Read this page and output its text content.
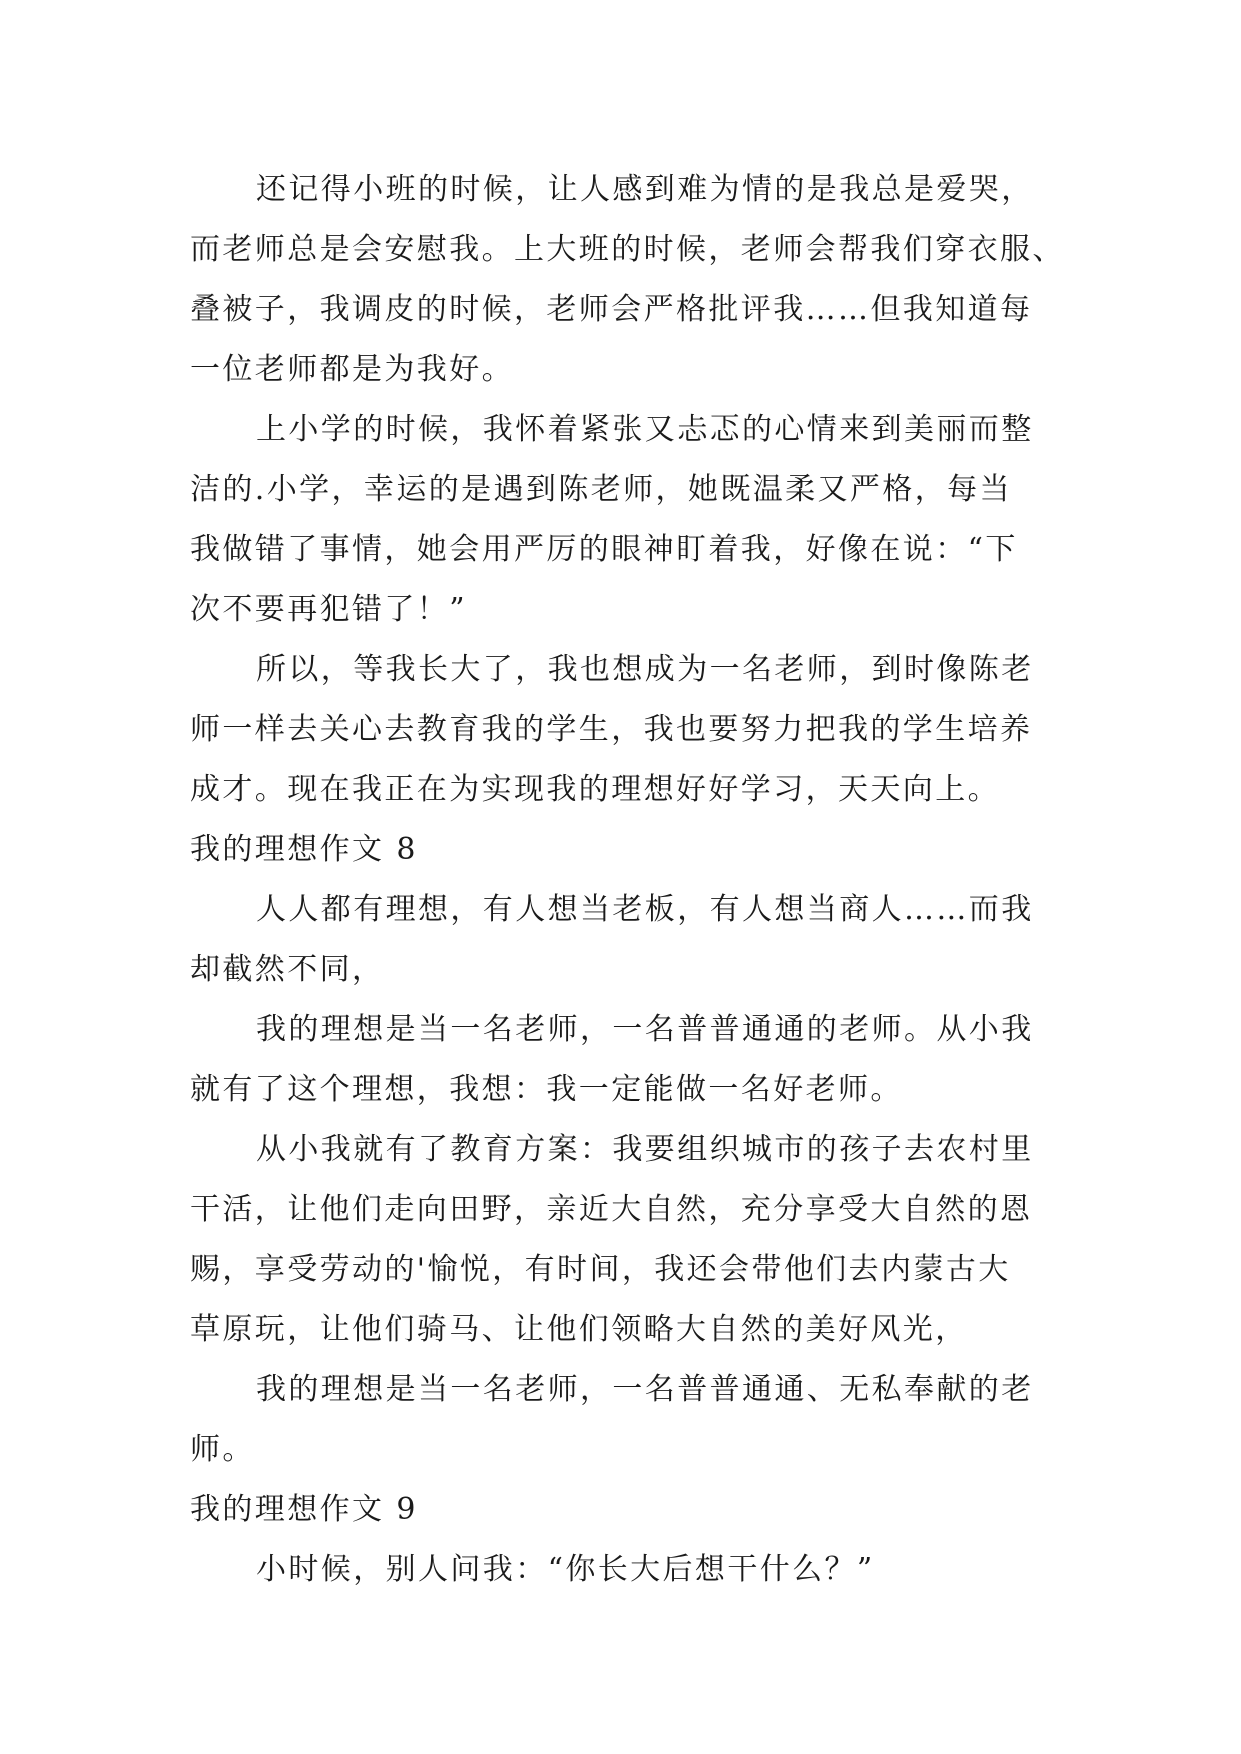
还记得小班的时候，让人感到难为情的是我总是爱哭，
而老师总是会安慰我。上大班的时候，老师会帮我们穿衣服、
叠被子，我调皮的时候，老师会严格批评我……但我知道每
一位老师都是为我好。
上小学的时候，我怀着紧张又忐忑的心情来到美丽而整
洁的.小学，幸运的是遇到陈老师，她既温柔又严格，每当
我做错了事情，她会用严厉的眼神盯着我，好像在说：“下
次不要再犯错了！”
所以，等我长大了，我也想成为一名老师，到时像陈老
师一样去关心去教育我的学生，我也要努力把我的学生培养
成才。现在我正在为实现我的理想好好学习，天天向上。
我的理想作文 8
人人都有理想，有人想当老板，有人想当商人……而我
却截然不同，
我的理想是当一名老师，一名普普通通的老师。从小我
就有了这个理想，我想：我一定能做一名好老师。
从小我就有了教育方案：我要组织城市的孩子去农村里
干活，让他们走向田野，亲近大自然，充分享受大自然的恩
赐，享受劳动的'愉悦，有时间，我还会带他们去内蒙古大
草原玩，让他们骑马、让他们领略大自然的美好风光，
我的理想是当一名老师，一名普普通通、无私奉献的老
师。
我的理想作文 9
小时候，别人问我：“你长大后想干什么？”
